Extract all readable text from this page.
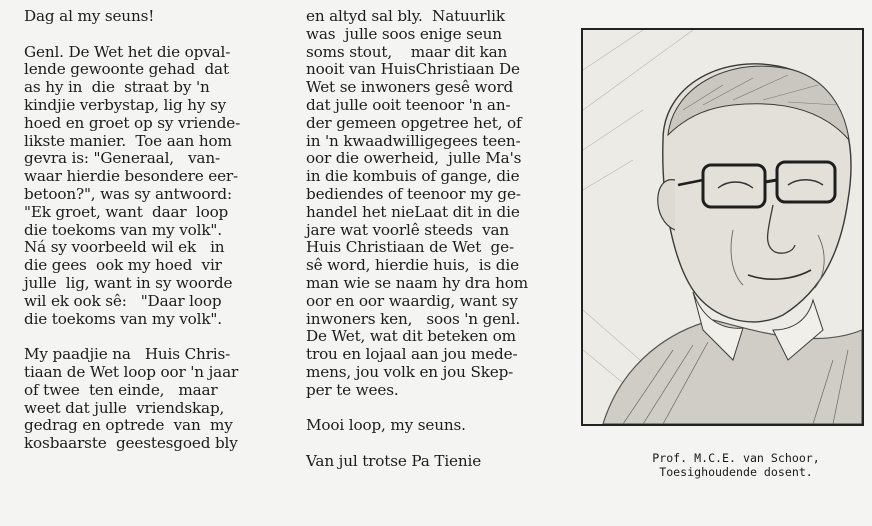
Dag al my seuns!
Genl. De Wet het die opval-
lende gewoonte gehad  dat
as hy in  die  straat by 'n
kindjie verbystap, lig hy sy
hoed en groet op sy vriende-
likste manier.  Toe aan hom
gevra is: "Generaal,   van-
waar hierdie besondere eer-
betoon?", was sy antwoord:
"Ek groet, want  daar  loop
die toekoms van my volk".
Ná sy voorbeeld wil ek   in
die gees  ook my hoed  vir
julle  lig, want in sy woorde
wil ek ook sê:   "Daar loop
die toekoms van my volk".
My paadjie na   Huis Chris-
tiaan de Wet loop oor 'n jaar
of twee  ten einde,   maar
weet dat julle  vriendskap,
gedrag en optrede  van  my
kosbaarste  geestesgoed bly
en altyd sal bly.  Natuurlik
was  julle soos enige seun
soms stout,    maar dit kan
nooit van HuisChristiaan De
Wet se inwoners gesê word
dat julle ooit teenoor 'n an-
der gemeen opgetree het, of
in 'n kwaadwilligegees teen-
oor die owerheid,  julle Ma's
in die kombuis of gange, die
bediendes of teenoor my ge-
handel het nieLaat dit in die
jare wat voorlê steeds  van
Huis Christiaan de Wet  ge-
sê word, hierdie huis,  is die
man wie se naam hy dra hom
oor en oor waardig, want sy
inwoners ken,   soos 'n genl.
De Wet, wat dit beteken om
trou en lojaal aan jou mede-
mens, jou volk en jou Skep-
per te wees.
Mooi loop, my seuns.
Van jul trotse Pa Tienie	Prof. M.C.E. van Schoor,
Toesighoudende dosent.
